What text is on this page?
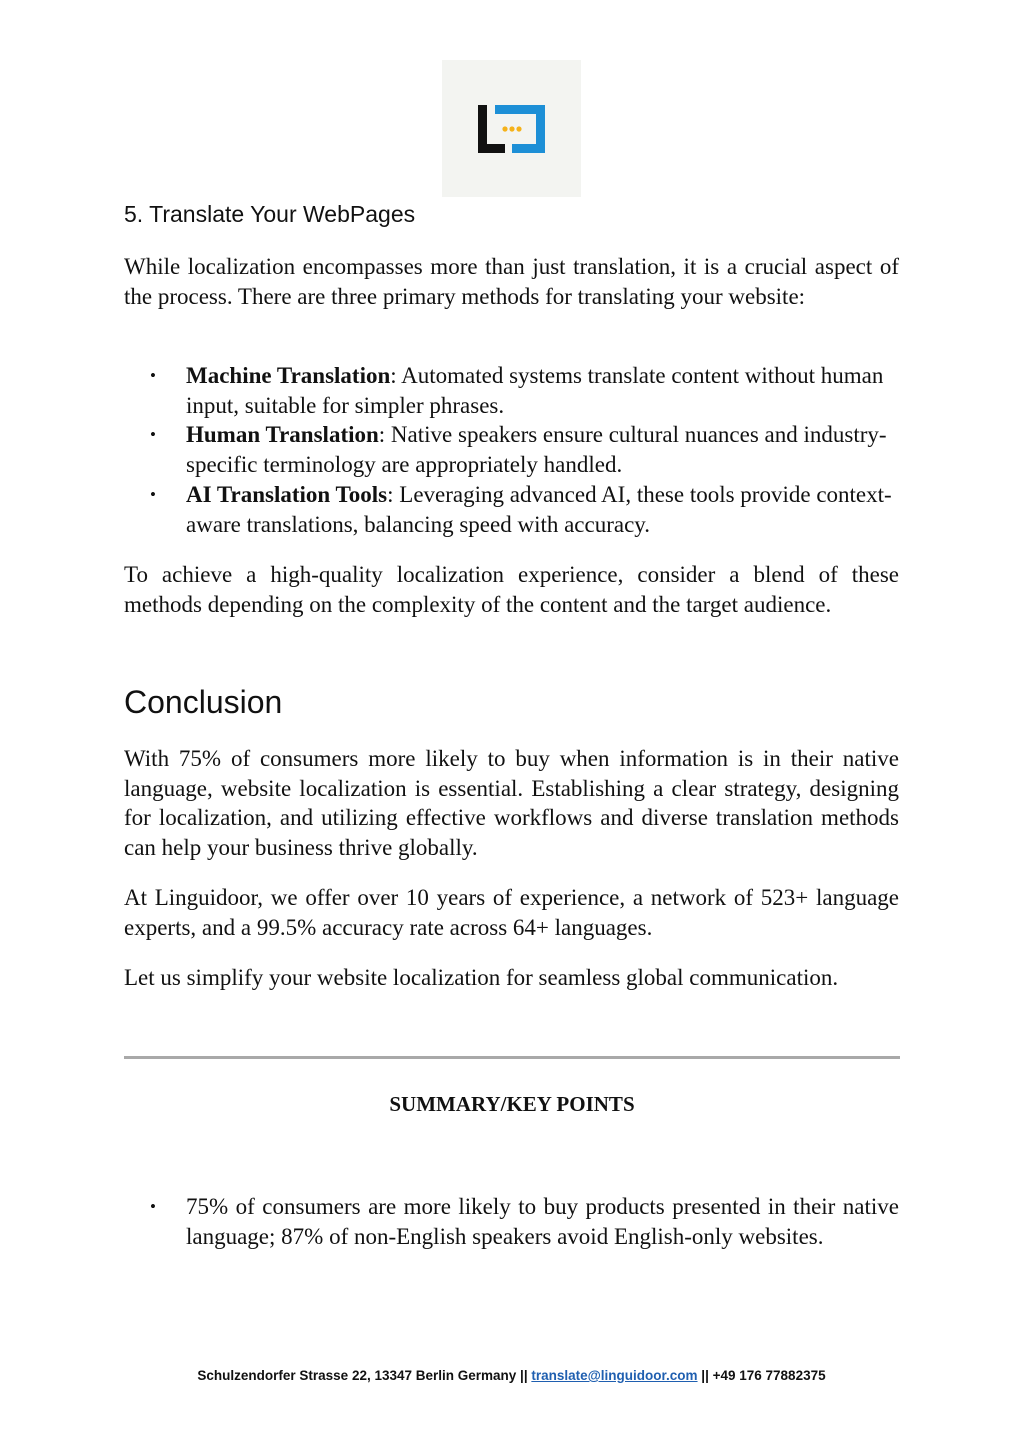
5. Translate Your WebPages

While localization encompasses more than just translation, it is a crucial aspect of the process. There are three primary methods for translating your website:

• Machine Translation: Automated systems translate content without human input, suitable for simpler phrases.
• Human Translation: Native speakers ensure cultural nuances and industry-specific terminology are appropriately handled.
• AI Translation Tools: Leveraging advanced AI, these tools provide context-aware translations, balancing speed with accuracy.

To achieve a high-quality localization experience, consider a blend of these methods depending on the complexity of the content and the target audience.

Conclusion

With 75% of consumers more likely to buy when information is in their native language, website localization is essential. Establishing a clear strategy, designing for localization, and utilizing effective workflows and diverse translation methods can help your business thrive globally.

At Linguidoor, we offer over 10 years of experience, a network of 523+ language experts, and a 99.5% accuracy rate across 64+ languages.

Let us simplify your website localization for seamless global communication.

SUMMARY/KEY POINTS
• 75% of consumers are more likely to buy products presented in their native language; 87% of non-English speakers avoid English-only websites.
Schulzendorfer Strasse 22, 13347 Berlin Germany || translate@linguidoor.com || +49 176 77882375
